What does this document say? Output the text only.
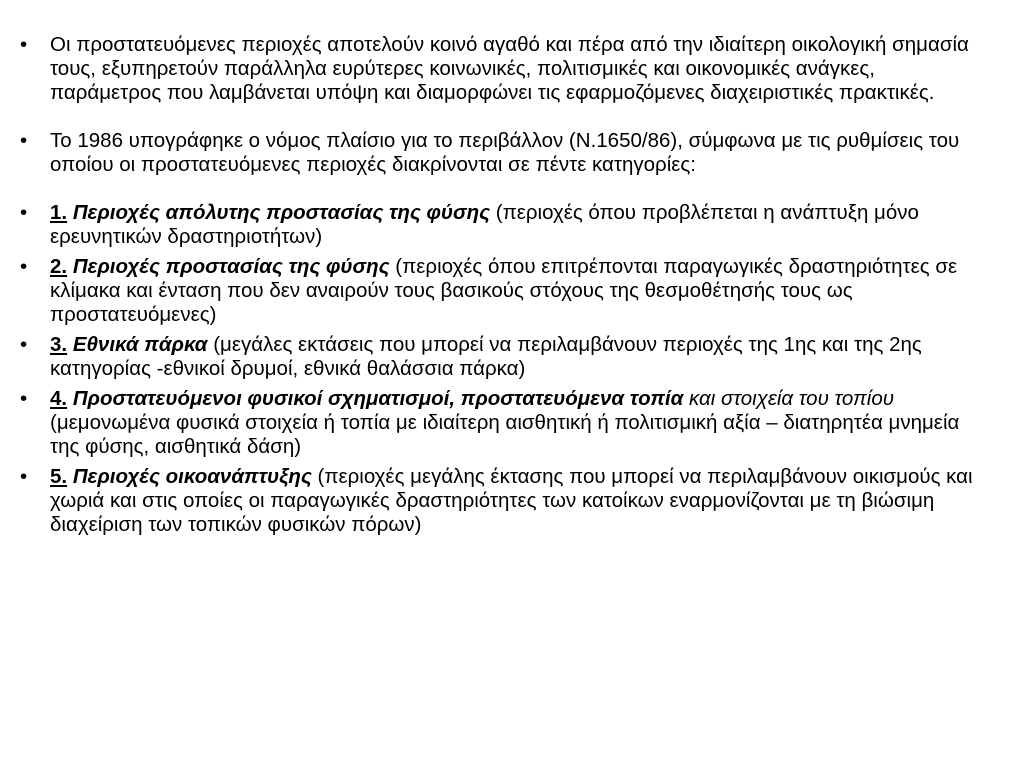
•	Οι προστατευόμενες περιοχές αποτελούν κοινό αγαθό και πέρα από την ιδιαίτερη οικολογική σημασία τους, εξυπηρετούν παράλληλα ευρύτερες κοινωνικές, πολιτισμικές και οικονομικές ανάγκες, παράμετρος που λαμβάνεται υπόψη και διαμορφώνει τις εφαρμοζόμενες διαχειριστικές πρακτικές.
•	Το 1986 υπογράφηκε ο νόμος πλαίσιο για το περιβάλλον (Ν.1650/86), σύμφωνα με τις ρυθμίσεις του οποίου οι προστατευόμενες περιοχές διακρίνονται σε πέντε κατηγορίες:
•	1. Περιοχές απόλυτης προστασίας της φύσης (περιοχές όπου προβλέπεται η ανάπτυξη μόνο ερευνητικών δραστηριοτήτων)
•	2. Περιοχές προστασίας της φύσης (περιοχές όπου επιτρέπονται παραγωγικές δραστηριότητες σε κλίμακα και ένταση που δεν αναιρούν τους βασικούς στόχους της θεσμοθέτησής τους ως προστατευόμενες)
•	3. Εθνικά πάρκα (μεγάλες εκτάσεις που μπορεί να περιλαμβάνουν περιοχές της 1ης και της 2ης κατηγορίας -εθνικοί δρυμοί, εθνικά θαλάσσια πάρκα)
•	4. Προστατευόμενοι φυσικοί σχηματισμοί, προστατευόμενα τοπία και στοιχεία του τοπίου (μεμονωμένα φυσικά στοιχεία ή τοπία με ιδιαίτερη αισθητική ή πολιτισμική αξία – διατηρητέα μνημεία της φύσης, αισθητικά δάση)
•	5. Περιοχές οικοανάπτυξης (περιοχές μεγάλης έκτασης που μπορεί να περιλαμβάνουν οικισμούς και χωριά και στις οποίες οι παραγωγικές δραστηριότητες των κατοίκων εναρμονίζονται με τη βιώσιμη διαχείριση των τοπικών φυσικών πόρων)
